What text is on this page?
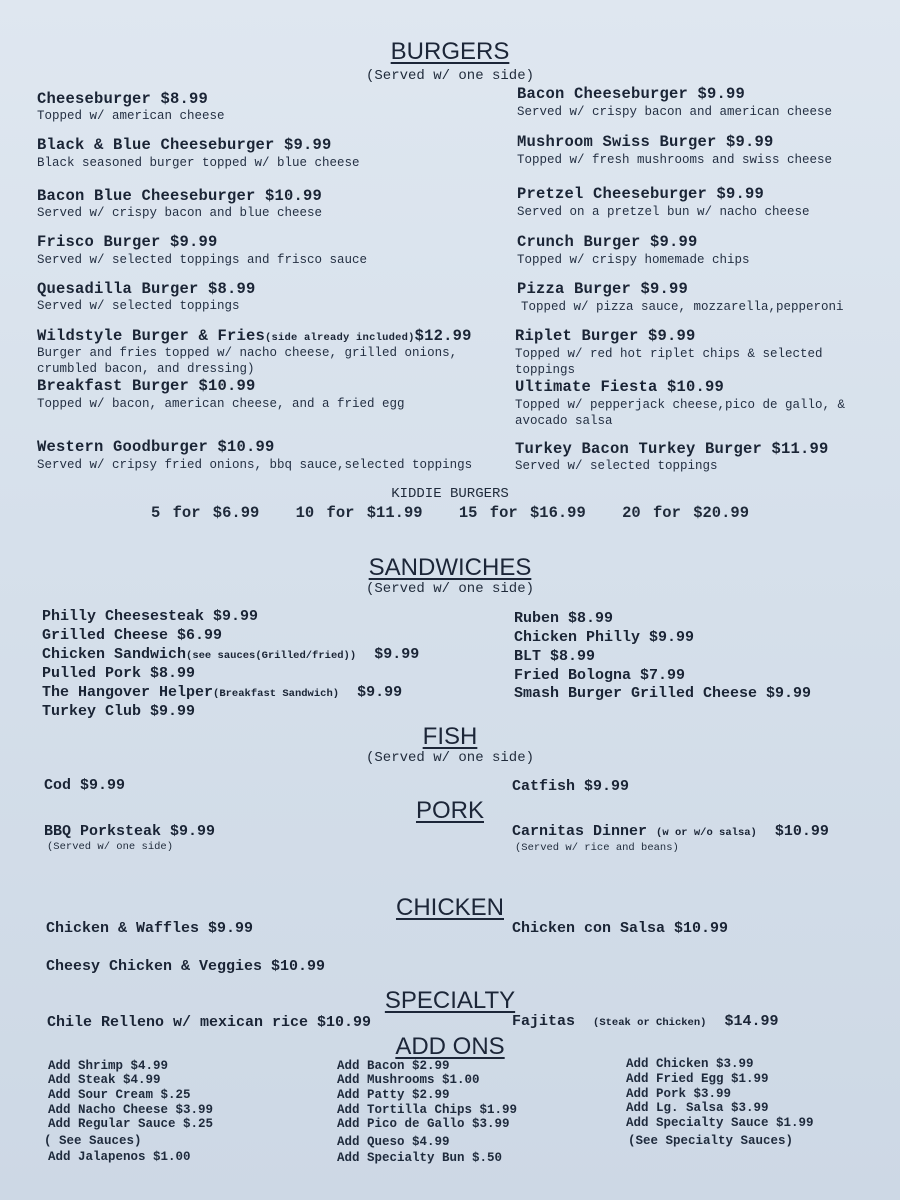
BURGERS
(Served w/ one side)
Cheeseburger $8.99
Topped w/ american cheese
Black & Blue Cheeseburger $9.99
Black seasoned burger topped w/ blue cheese
Bacon Blue Cheeseburger $10.99
Served w/ crispy bacon and blue cheese
Frisco Burger $9.99
Served w/ selected toppings and frisco sauce
Quesadilla Burger $8.99
Served w/ selected toppings
Wildstyle Burger & Fries(side already included)$12.99
Burger and fries topped w/ nacho cheese, grilled onions, crumbled bacon, and dressing)
Breakfast Burger $10.99
Topped w/ bacon, american cheese, and a fried egg
Western Goodburger $10.99
Served w/ cripsy fried onions, bbq sauce,selected toppings
Bacon Cheeseburger $9.99
Served w/ crispy bacon and american cheese
Mushroom Swiss Burger $9.99
Topped w/ fresh mushrooms and swiss cheese
Pretzel Cheeseburger $9.99
Served on a pretzel bun w/ nacho cheese
Crunch Burger $9.99
Topped w/ crispy homemade chips
Pizza Burger $9.99
Topped w/ pizza sauce, mozzarella,pepperoni
Riplet Burger $9.99
Topped w/ red hot riplet chips & selected toppings
Ultimate Fiesta $10.99
Topped w/ pepperjack cheese,pico de gallo, & avocado salsa
Turkey Bacon Turkey Burger $11.99
Served w/ selected toppings
KIDDIE BURGERS
5 for $6.99 10 for $11.99 15 for $16.99 20 for $20.99
SANDWICHES
(Served w/ one side)
Philly Cheesesteak $9.99
Grilled Cheese $6.99
Chicken Sandwich(see sauces(Grilled/fried)) $9.99
Pulled Pork $8.99
The Hangover Helper(Breakfast Sandwich) $9.99
Turkey Club $9.99
Ruben $8.99
Chicken Philly $9.99
BLT $8.99
Fried Bologna $7.99
Smash Burger Grilled Cheese $9.99
FISH
(Served w/ one side)
Cod $9.99	Catfish $9.99
PORK
BBQ Porksteak $9.99
(Served w/ one side)
Carnitas Dinner (w or w/o salsa) $10.99
(Served w/ rice and beans)
CHICKEN
Chicken & Waffles $9.99	Chicken con Salsa $10.99
Cheesy Chicken & Veggies $10.99
SPECIALTY
Chile Relleno w/ mexican rice $10.99	Fajitas (Steak or Chicken) $14.99
ADD ONS
Add Shrimp $4.99
Add Steak $4.99
Add Sour Cream $.25
Add Nacho Cheese $3.99
Add Regular Sauce $.25
( See Sauces)
Add Jalapenos $1.00
Add Bacon $2.99
Add Mushrooms $1.00
Add Patty $2.99
Add Tortilla Chips $1.99
Add Pico de Gallo $3.99
Add Queso $4.99
Add Specialty Bun $.50
Add Chicken $3.99
Add Fried Egg $1.99
Add Pork $3.99
Add Lg. Salsa $3.99
Add Specialty Sauce $1.99
(See Specialty Sauces)
